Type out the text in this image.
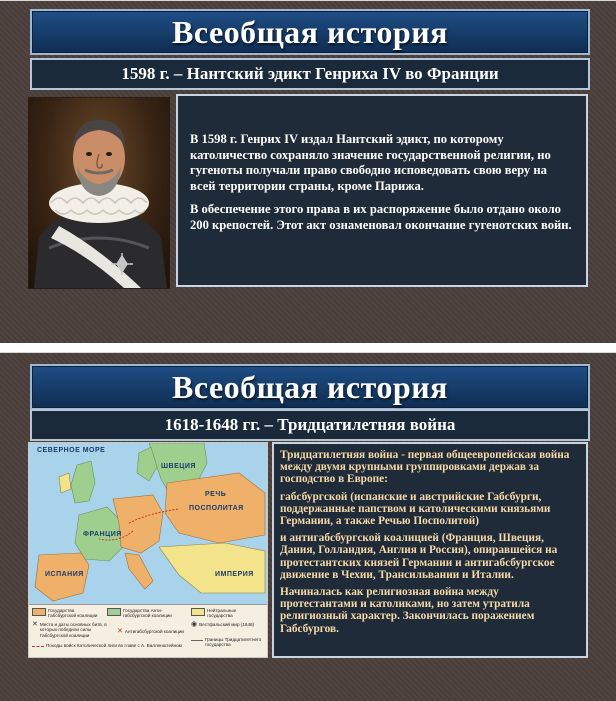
Всеобщая история
1598 г. – Нантский эдикт Генриха IV во Франции

В 1598 г. Генрих IV издал Нантский эдикт, по которому католичество сохраняло значение государственной религии, но гугеноты получали право свободно исповедовать свою веру на всей территории страны, кроме Парижа.

В обеспечение этого права в их распоряжение было отдано около 200 крепостей. Этот акт ознаменовал окончание гугенотских войн.

Всеобщая история
1618-1648 гг. – Тридцатилетняя война
СЕВЕРНОЕ МОРЕ
ШВЕЦИЯ
РЕЧЬ
ПОСПОЛИТАЯ
ФРАНЦИЯ
ИСПАНИЯ	ИМПЕРИЯ
Государства Габсбургской коалиции
Государства Анти-габсбургской коалиции
Нейтральные государства
✕ Места и даты основных битв, в которых победили силы Габсбургской коалиции
✕ Антигабсбургской коалиции
◉ Вестфальский мир (1648)
Походы войск Католической лиги во главе с А. Валленштейном
Границы Тридцатилетнего государства

Тридцатилетняя война - первая общеевропейская война между двумя крупными группировками держав за господство в Европе:

габсбургской (испанские и австрийские Габсбурги, поддержанные папством и католическими князьями Германии, а также Речью Посполитой)

и антигабсбургской коалицией (Франция, Швеция, Дания, Голландия, Англия и Россия), опиравшейся на протестантских князей Германии и антигабсбургское движение в Чехии, Трансильвании и Италии.

Начиналась как религиозная война между протестантами и католиками, но затем утратила религиозный характер. Закончилась поражением Габсбургов.
